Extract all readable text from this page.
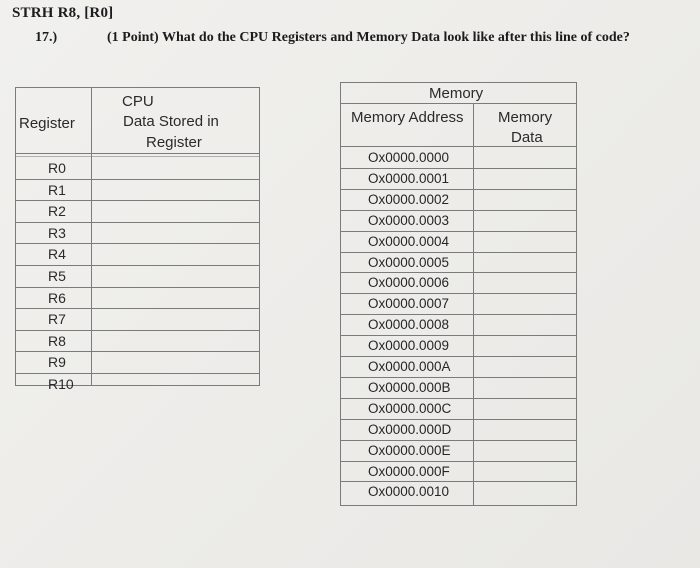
STRH R8, [R0]
17.)	(1 Point) What do the CPU Registers and Memory Data look like after this line of code?
Register
CPU
Data Stored in
Register
R0
R1
R2
R3
R4
R5
R6
R7
R8
R9
R10
Memory
Memory Address Memory
Data
Ox0000.0000
Ox0000.0001
Ox0000.0002
Ox0000.0003
Ox0000.0004
Ox0000.0005
Ox0000.0006
Ox0000.0007
Ox0000.0008
Ox0000.0009
Ox0000.000A
Ox0000.000B
Ox0000.000C
Ox0000.000D
Ox0000.000E
Ox0000.000F
Ox0000.0010
